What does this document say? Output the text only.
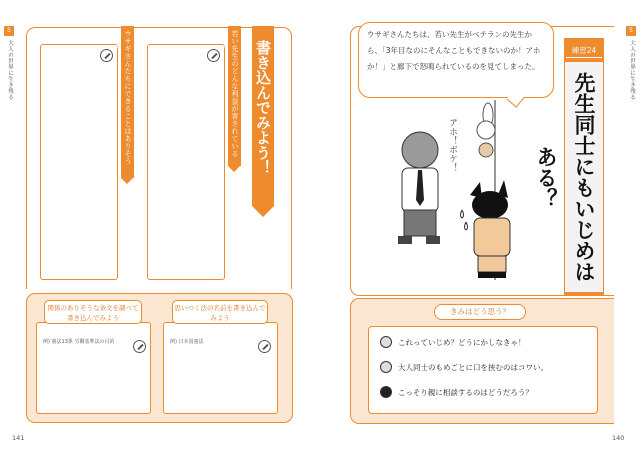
5
大人の世界に生き残る
5
大人の世界に生き残る
ウサギさんたちにできることはありそうかな？	若い先生のどんな利益が害されているかな？	書き込んでみよう！
関係のありそうな条文を調べて書き込んでみよう
思いつく法の名前を書き込んでみよう
例) 憲法13条 労働基準法の目的	例) 日本国憲法
141
ウサギさんたちは、若い先生がベテランの先生から、「3年目なのにそんなこともできないのか！アホか！」と廊下で怒鳴られているのを見てしまった。
アホ！ボケ！
練習24
先生同士にもいじめはある？
きみはどう思う？
これっていじめ？どうにかしなきゃ！
大人同士のもめごとに口を挟むのはコワい。
こっそり親に相談するのはどうだろう？
140
